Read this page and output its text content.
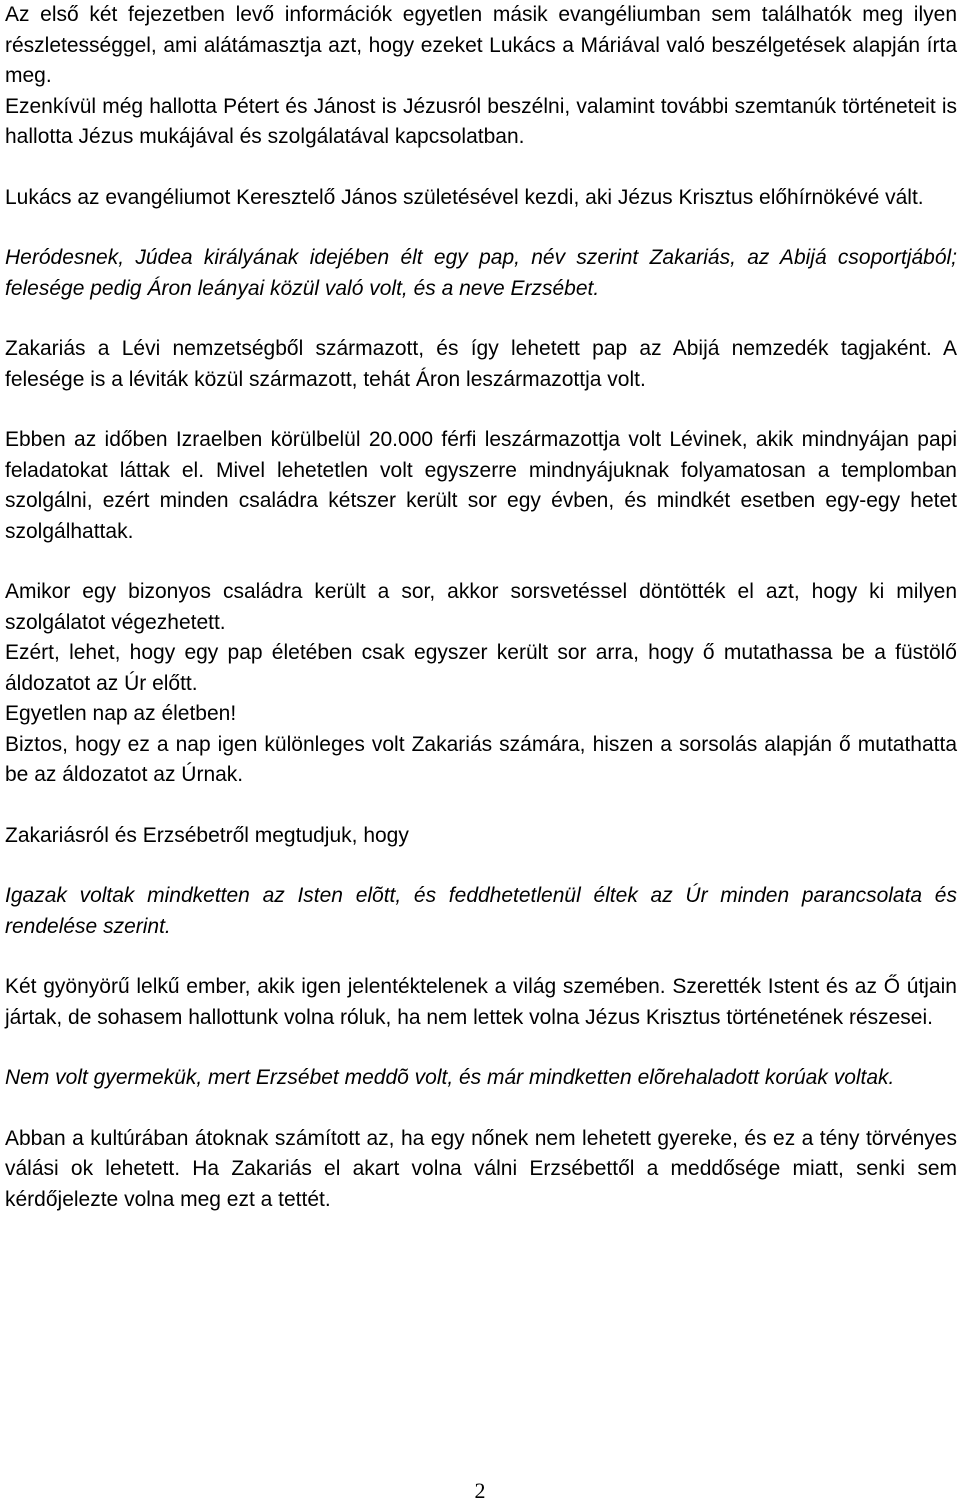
Az első két fejezetben levő információk egyetlen másik evangéliumban sem találhatók meg ilyen részletességgel, ami alátámasztja azt, hogy ezeket Lukács a Máriával való beszélgetések alapján írta meg.

Ezenkívül még hallotta Pétert és Jánost is Jézusról beszélni, valamint további szemtanúk történeteit is hallotta Jézus mukájával és szolgálatával kapcsolatban.

Lukács az evangéliumot Keresztelő János születésével kezdi, aki Jézus Krisztus előhírnökévé vált.

Heródesnek, Júdea királyának idejében élt egy pap, név szerint Zakariás, az Abijá csoportjából; felesége pedig Áron leányai közül való volt, és a neve Erzsébet.

Zakariás a Lévi nemzetségből származott, és így lehetett pap az Abijá nemzedék tagjaként. A felesége is a léviták közül származott, tehát Áron leszármazottja volt.

Ebben az időben Izraelben körülbelül 20.000 férfi leszármazottja volt Lévinek, akik mindnyájan papi feladatokat láttak el. Mivel lehetetlen volt egyszerre mindnyájuknak folyamatosan a templomban szolgálni, ezért minden családra kétszer került sor egy évben, és mindkét esetben egy-egy hetet szolgálhattak.

Amikor egy bizonyos családra került a sor, akkor sorsvetéssel döntötték el azt, hogy ki milyen szolgálatot végezhetett.

Ezért, lehet, hogy egy pap életében csak egyszer került sor arra, hogy ő mutathassa be a füstölő áldozatot az Úr előtt.

Egyetlen nap az életben!

Biztos, hogy ez a nap igen különleges volt Zakariás számára, hiszen a sorsolás alapján ő mutathatta be az áldozatot az Úrnak.

Zakariásról és Erzsébetről megtudjuk, hogy

Igazak voltak mindketten az Isten elõtt, és feddhetetlenül éltek az Úr minden parancsolata és rendelése szerint.

Két gyönyörű lelkű ember, akik igen jelentéktelenek a világ szemében. Szerették Istent és az Ő útjain jártak, de sohasem hallottunk volna róluk, ha nem lettek volna Jézus Krisztus történetének részesei.

Nem volt gyermekük, mert Erzsébet meddõ volt, és már mindketten elõrehaladott korúak voltak.

Abban a kultúrában átoknak számított az, ha egy nőnek nem lehetett gyereke, és ez a tény törvényes válási ok lehetett. Ha Zakariás el akart volna válni Erzsébettől a meddősége miatt, senki sem kérdőjelezte volna meg ezt a tettét.

2
